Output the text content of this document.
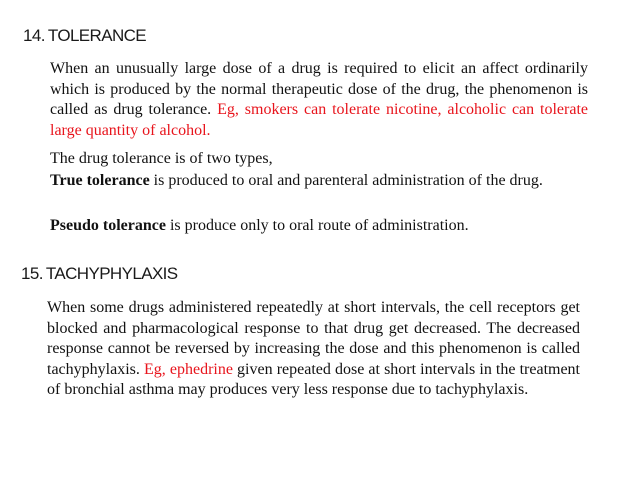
14. TOLERANCE
When an unusually large dose of a drug is required to elicit an affect ordinarily which is produced by the normal therapeutic dose of the drug, the phenomenon is called as drug tolerance. Eg, smokers can tolerate nicotine, alcoholic can tolerate large quantity of alcohol.
The drug tolerance is of two types,
True tolerance is produced to oral and parenteral administration of the drug.
Pseudo tolerance is produce only to oral route of administration.
15. TACHYPHYLAXIS
When some drugs administered repeatedly at short intervals, the cell receptors get blocked and pharmacological response to that drug get decreased. The decreased response cannot be reversed by increasing the dose and this phenomenon is called tachyphylaxis. Eg, ephedrine given repeated dose at short intervals in the treatment of bronchial asthma may produces very less response due to tachyphylaxis.
